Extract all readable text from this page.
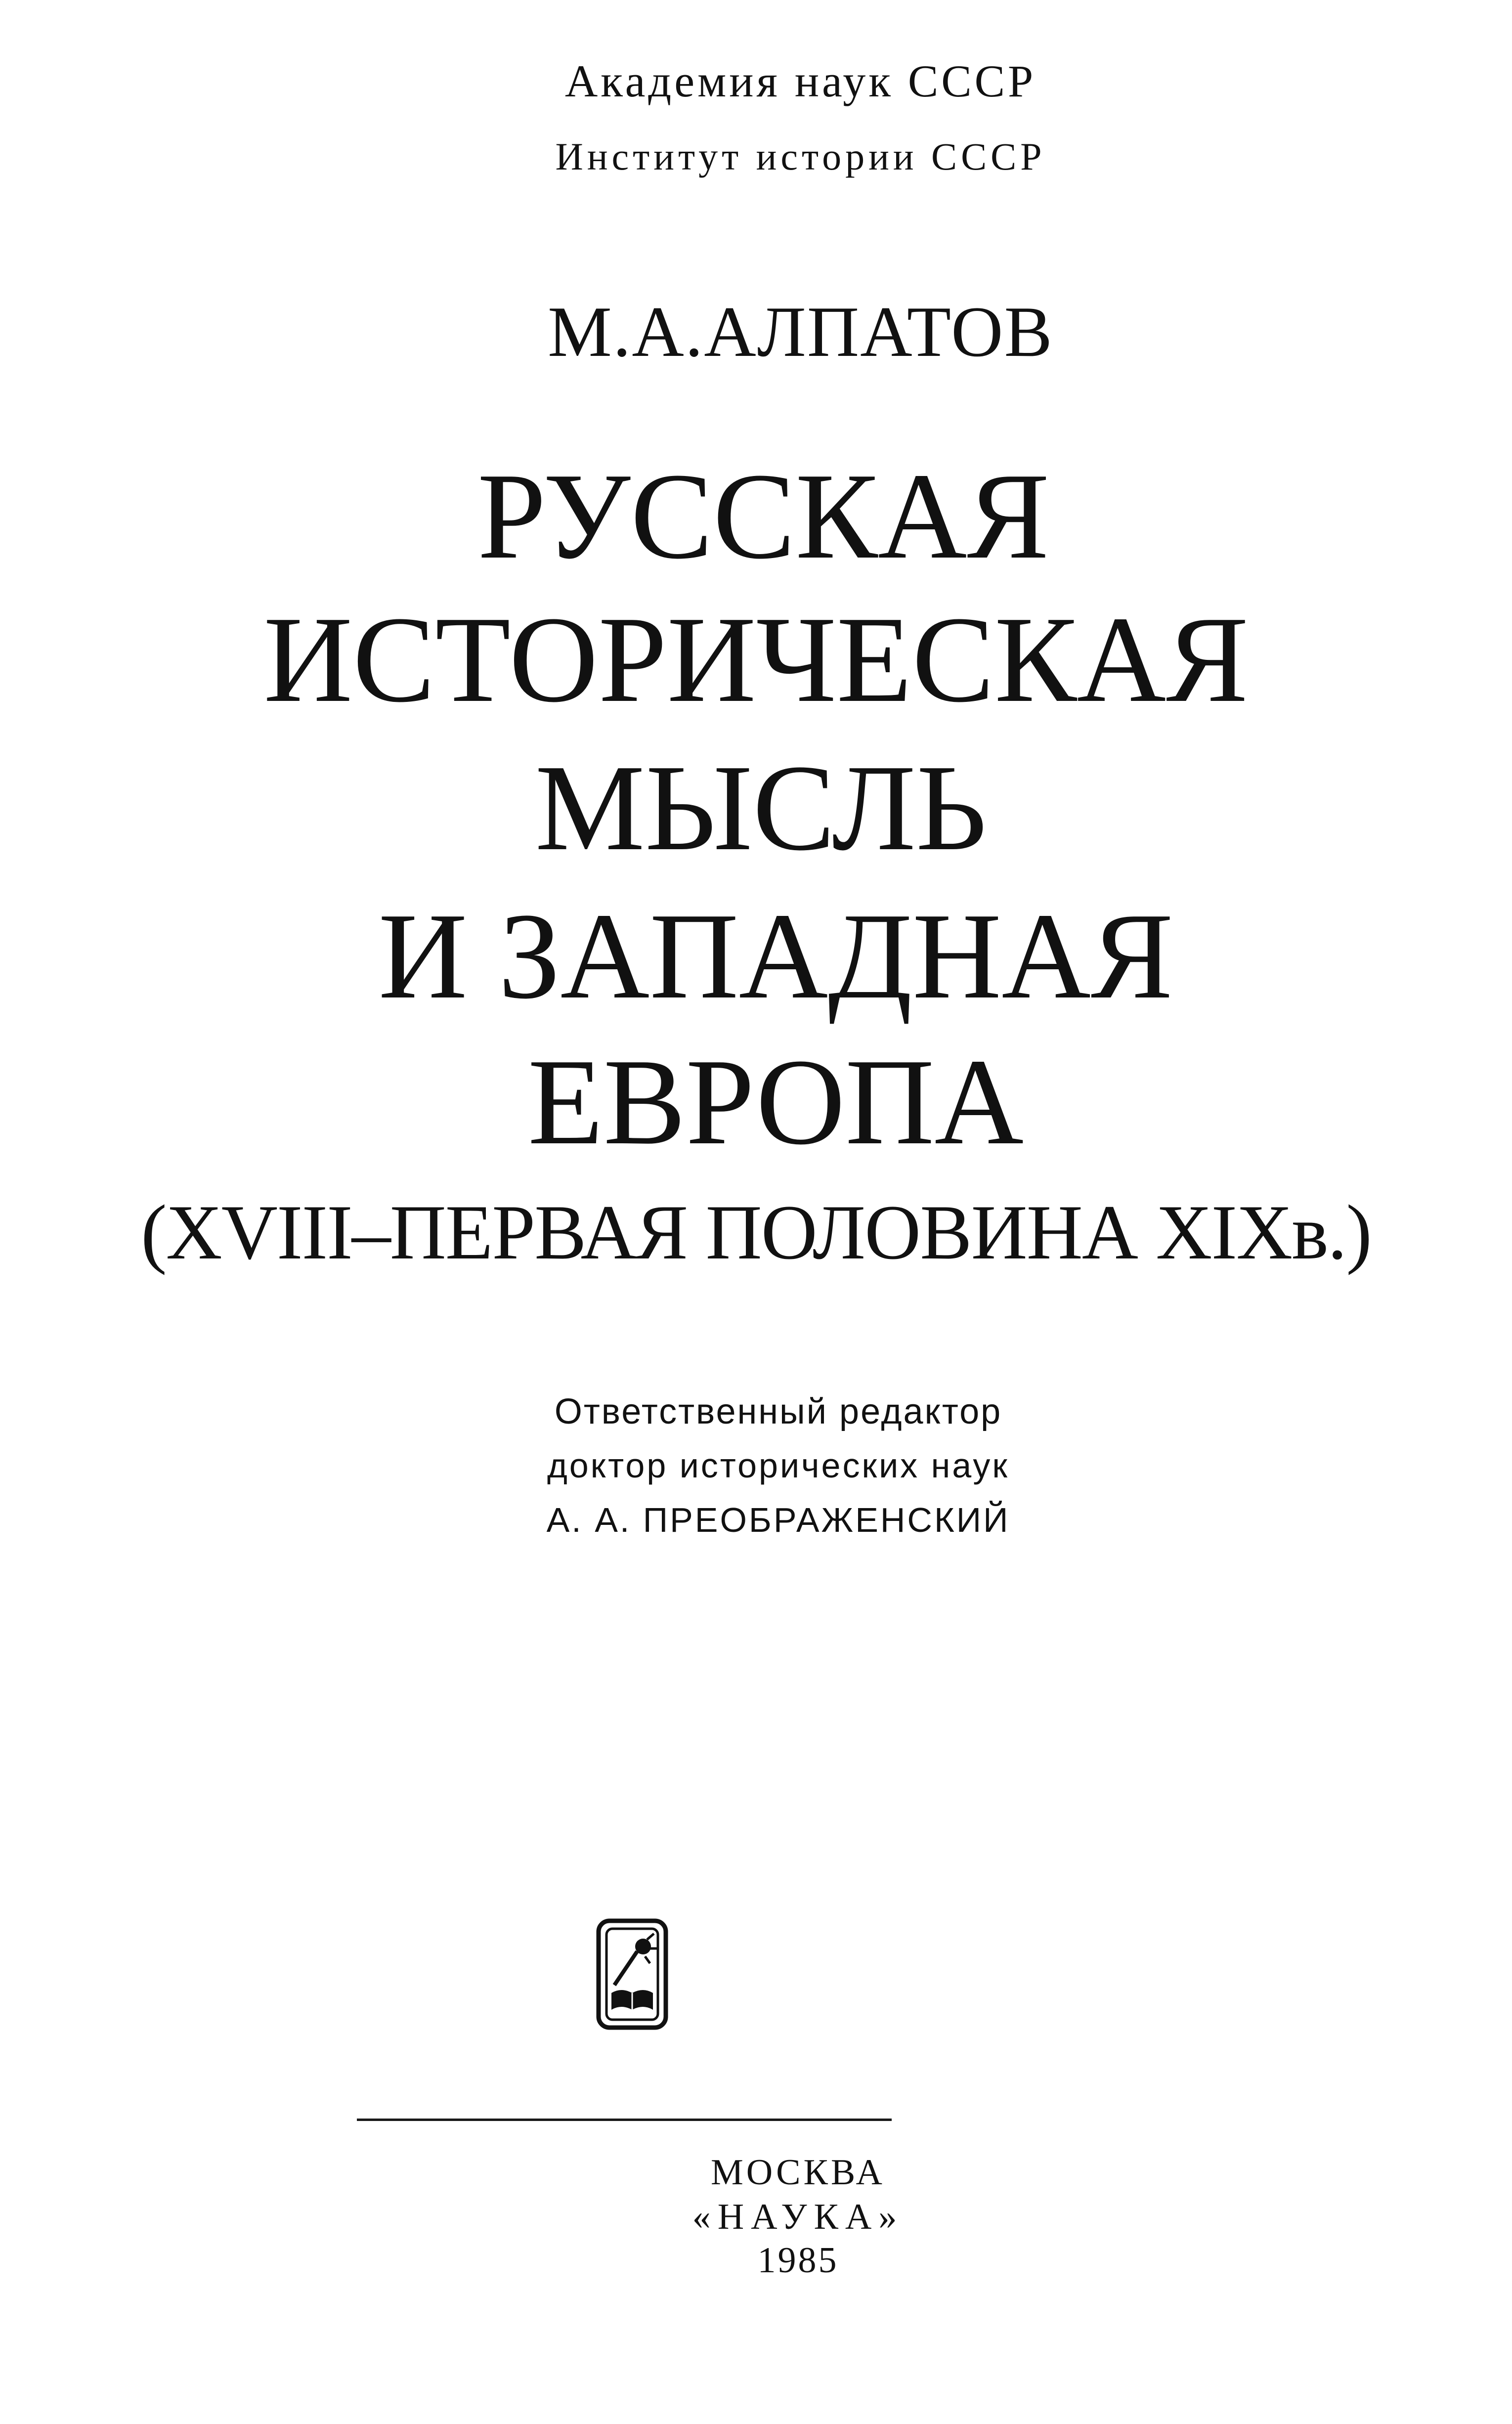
Академия наук СССР
Институт истории СССР
М.А.АЛПАТОВ
РУССКАЯ
ИСТОРИЧЕСКАЯ
МЫСЛЬ
И ЗАПАДНАЯ
ЕВРОПА
(XVIII–ПЕРВАЯ ПОЛОВИНА XIXв.)
Ответственный редактор
доктор исторических наук
А. А. ПРЕОБРАЖЕНСКИЙ
МОСКВА
«НАУКА»
1985
